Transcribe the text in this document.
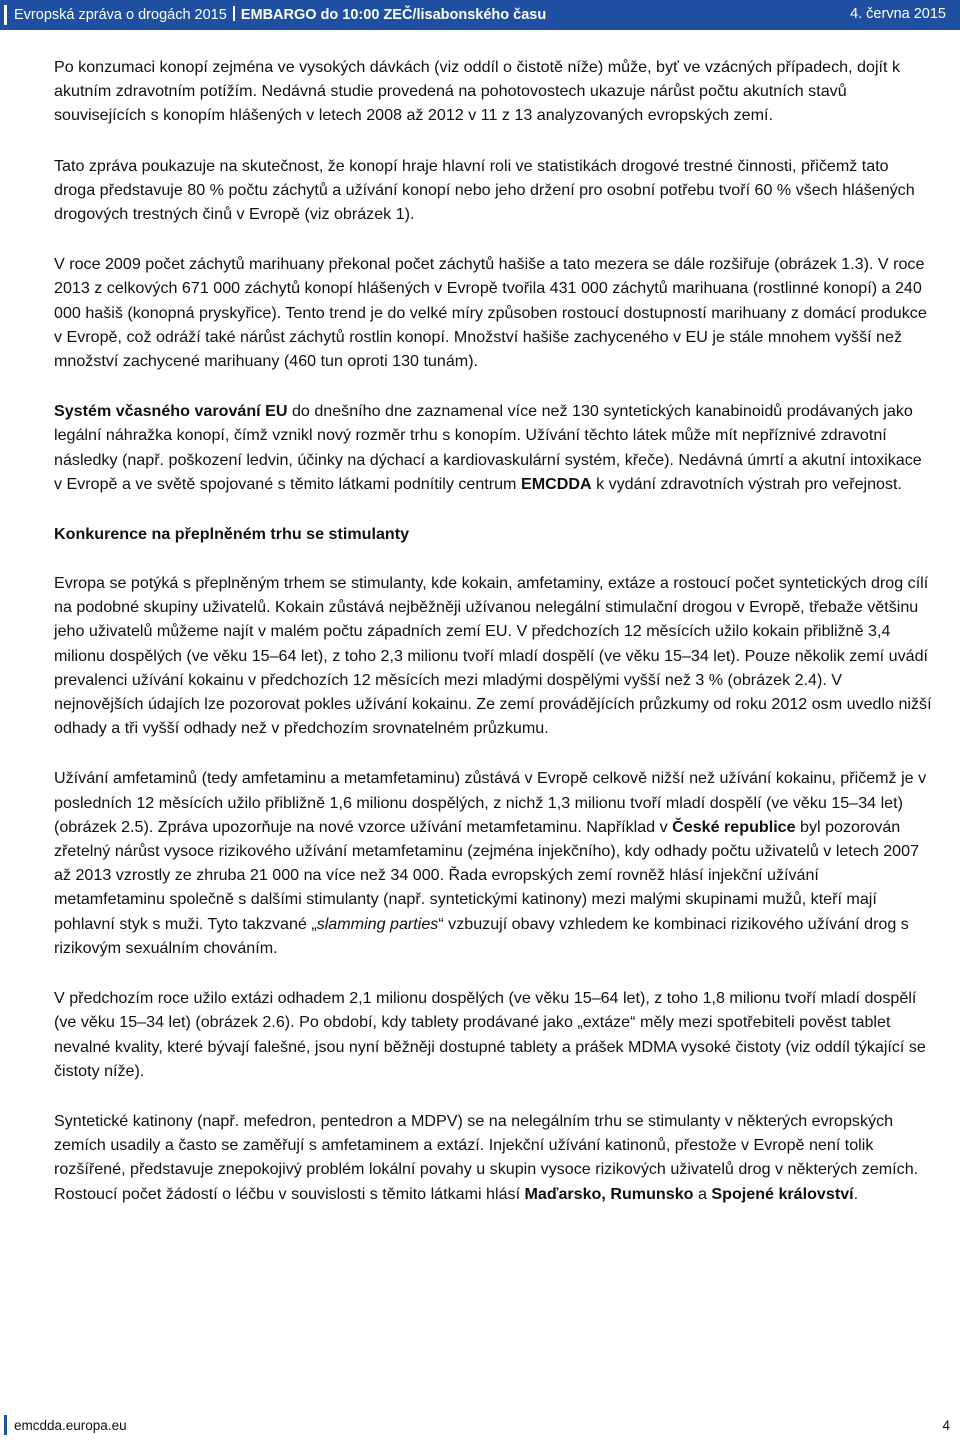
Evropská zpráva o drogách 2015 EMBARGO do 10:00 ZEČ/lisabonského času	4. června 2015

Po konzumaci konopí zejména ve vysokých dávkách (viz oddíl o čistotě níže) může, byť ve vzácných případech, dojít k akutním zdravotním potížím. Nedávná studie provedená na pohotovostech ukazuje nárůst počtu akutních stavů souvisejících s konopím hlášených v letech 2008 až 2012 v 11 z 13 analyzovaných evropských zemí.

Tato zpráva poukazuje na skutečnost, že konopí hraje hlavní roli ve statistikách drogové trestné činnosti, přičemž tato droga představuje 80 % počtu záchytů a užívání konopí nebo jeho držení pro osobní potřebu tvoří 60 % všech hlášených drogových trestných činů v Evropě (viz obrázek 1).

V roce 2009 počet záchytů marihuany překonal počet záchytů hašiše a tato mezera se dále rozšiřuje (obrázek 1.3). V roce 2013 z celkových 671 000 záchytů konopí hlášených v Evropě tvořila 431 000 záchytů marihuana (rostlinné konopí) a 240 000 hašiš (konopná pryskyřice). Tento trend je do velké míry způsoben rostoucí dostupností marihuany z domácí produkce v Evropě, což odráží také nárůst záchytů rostlin konopí. Množství hašiše zachyceného v EU je stále mnohem vyšší než množství zachycené marihuany (460 tun oproti 130 tunám).

Systém včasného varování EU do dnešního dne zaznamenal více než 130 syntetických kanabinoidů prodávaných jako legální náhražka konopí, čímž vznikl nový rozměr trhu s konopím. Užívání těchto látek může mít nepříznivé zdravotní následky (např. poškození ledvin, účinky na dýchací a kardiovaskulární systém, křeče). Nedávná úmrtí a akutní intoxikace v Evropě a ve světě spojované s těmito látkami podnítily centrum EMCDDA k vydání zdravotních výstrah pro veřejnost.

Konkurence na přeplněném trhu se stimulanty

Evropa se potýká s přeplněným trhem se stimulanty, kde kokain, amfetaminy, extáze a rostoucí počet syntetických drog cílí na podobné skupiny uživatelů. Kokain zůstává nejběžněji užívanou nelegální stimulační drogou v Evropě, třebaže většinu jeho uživatelů můžeme najít v malém počtu západních zemí EU. V předchozích 12 měsících užilo kokain přibližně 3,4 milionu dospělých (ve věku 15–64 let), z toho 2,3 milionu tvoří mladí dospělí (ve věku 15–34 let). Pouze několik zemí uvádí prevalenci užívání kokainu v předchozích 12 měsících mezi mladými dospělými vyšší než 3 % (obrázek 2.4). V nejnovějších údajích lze pozorovat pokles užívání kokainu. Ze zemí provádějících průzkumy od roku 2012 osm uvedlo nižší odhady a tři vyšší odhady než v předchozím srovnatelném průzkumu.

Užívání amfetaminů (tedy amfetaminu a metamfetaminu) zůstává v Evropě celkově nižší než užívání kokainu, přičemž je v posledních 12 měsících užilo přibližně 1,6 milionu dospělých, z nichž 1,3 milionu tvoří mladí dospělí (ve věku 15–34 let) (obrázek 2.5). Zpráva upozorňuje na nové vzorce užívání metamfetaminu. Například v České republice byl pozorován zřetelný nárůst vysoce rizikového užívání metamfetaminu (zejména injekčního), kdy odhady počtu uživatelů v letech 2007 až 2013 vzrostly ze zhruba 21 000 na více než 34 000. Řada evropských zemí rovněž hlásí injekční užívání metamfetaminu společně s dalšími stimulanty (např. syntetickými katinony) mezi malými skupinami mužů, kteří mají pohlavní styk s muži. Tyto takzvané „slamming parties“ vzbuzují obavy vzhledem ke kombinaci rizikového užívání drog s rizikovým sexuálním chováním.

V předchozím roce užilo extázi odhadem 2,1 milionu dospělých (ve věku 15–64 let), z toho 1,8 milionu tvoří mladí dospělí (ve věku 15–34 let) (obrázek 2.6). Po období, kdy tablety prodávané jako „extáze“ měly mezi spotřebiteli pověst tablet nevalné kvality, které bývají falešné, jsou nyní běžněji dostupné tablety a prášek MDMA vysoké čistoty (viz oddíl týkající se čistoty níže).

Syntetické katinony (např. mefedron, pentedron a MDPV) se na nelegálním trhu se stimulanty v některých evropských zemích usadily a často se zaměřují s amfetaminem a extází. Injekční užívání katinonů, přestože v Evropě není tolik rozšířené, představuje znepokojivý problém lokální povahy u skupin vysoce rizikových uživatelů drog v některých zemích. Rostoucí počet žádostí o léčbu v souvislosti s těmito látkami hlásí Maďarsko, Rumunsko a Spojené království.

emcdda.europa.eu	4
